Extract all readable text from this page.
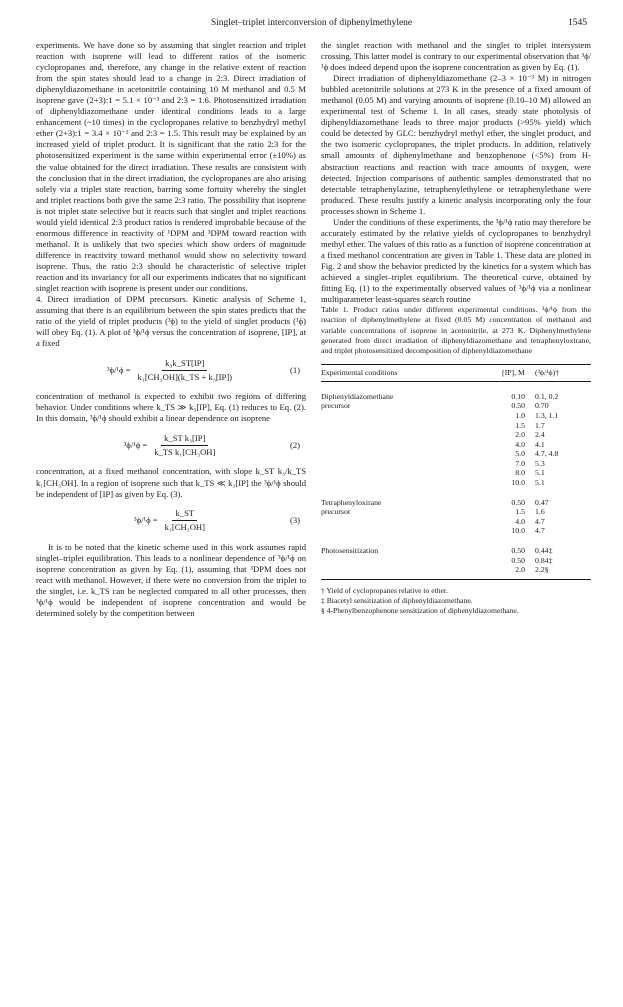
Singlet–triplet interconversion of diphenylmethylene	1545

experiments. We have done so by assuming that singlet reaction and triplet reaction with isoprene will lead to different ratios of the isomeric cyclopropanes and, therefore, any change in the relative extent of reaction from the spin states should lead to a change in 2:3. Direct irradiation of diphenyldiazomethane in acetonitrile containing 10 M methanol and 0.5 M isoprene gave (2+3):1 = 5.1 × 10⁻³ and 2:3 = 1.6. Photosensitized irradiation of diphenyldiazomethane under identical conditions leads to a large enhancement (~10 times) in the cyclopropanes relative to benzhydryl methyl ether (2+3):1 = 3.4 × 10⁻² and 2:3 = 1.5. This result may be explained by an increased yield of triplet product. It is significant that the ratio 2:3 for the photosensitized experiment is the same within experimental error (±10%) as the value obtained for the direct irradiation. These results are consistent with the conclusion that in the direct irradiation, the cyclopropanes are also arising solely via a triplet state reaction, barring some fortuity whereby the singlet and triplet reactions both give the same 2:3 ratio. The possibility that isoprene is not triplet state selective but it reacts such that singlet and triplet reactions would yield identical 2:3 product ratios is rendered improbable because of the enormous difference in reactivity of ¹DPM and ³DPM toward reaction with methanol. It is unlikely that two species which show orders of magnitude difference in reactivity toward methanol would show no selectivity toward isoprene. Thus, the ratio 2:3 should be characteristic of selective triplet reaction and its invariancy for all our experiments indicates that no significant singlet reaction with isoprene is present under our conditions.

4. Direct irradiation of DPM precursors. Kinetic analysis of Scheme 1, assuming that there is an equilibrium between the spin states predicts that the ratio of the yield of triplet products (³ϕ) to the yield of singlet products (¹ϕ) will obey Eq. (1). A plot of ³ϕ/¹ϕ versus the concentration of isoprene, [IP], at a fixed

$^3\phi/^1\phi = \frac{\text{k₃k\_ST[IP]}}{\text{k₁[CH₃OH](k\_TS + k₃[IP])}}$	(1)

concentration of methanol is expected to exhibit two regions of differing behavior. Under conditions where k_TS ≫ k₃[IP], Eq. (1) reduces to Eq. (2). In this domain, ³ϕ/¹ϕ should exhibit a linear dependence on isoprene

$^3\phi/^1\phi = \frac{\text{k\_ST k₃[IP]}}{\text{k\_TS k₁[CH₃OH]}}$	(2)

concentration, at a fixed methanol concentration, with slope k_ST k₃/k_TS k₁[CH₃OH]. In a region of isoprene such that k_TS ≪ k₃[IP] the ³ϕ/¹ϕ should be independent of [IP] as given by Eq. (3).

$^3\phi/^1\phi = \frac{k\_ST}{\text{k₁[CH₃OH]}}$	(3)

It is to be noted that the kinetic scheme used in this work assumes rapid singlet–triplet equilibration. This leads to a nonlinear dependence of ³ϕ/¹ϕ on isoprene concentration as given by Eq. (1), assuming that ³DPM does not react with methanol. However, if there were no conversion from the triplet to the singlet, i.e. k_TS can be neglected compared to all other processes, then ³ϕ/¹ϕ would be independent of isoprene concentration and would be determined solely by the competition between

the singlet reaction with methanol and the singlet to triplet intersystem crossing. This latter model is contrary to our experimental observation that ³ϕ/¹ϕ does indeed depend upon the isoprene concentration as given by Eq. (1).

Direct irradiation of diphenyldiazomethane (2–3 × 10⁻³ M) in nitrogen bubbled acetonitrile solutions at 273 K in the presence of a fixed amount of methanol (0.05 M) and varying amounts of isoprene (0.10–10 M) allowed an experimental test of Scheme 1. In all cases, steady state photolysis of diphenyldiazomethane leads to three major products (>95% yield) which could be detected by GLC: benzhydryl methyl ether, the singlet product, and the two isomeric cyclopropanes, the triplet products. In addition, relatively small amounts of diphenylmethane and benzophenone (<5%) from H-abstraction reactions and reaction with trace amounts of oxygen, were detected. Injection comparisons of authentic samples demonstrated that no detectable tetraphenylazine, tetraphenylethylene or tetraphenylethane were produced. These results justify a kinetic analysis incorporating only the four processes shown in Scheme 1.

Under the conditions of these experiments, the ³ϕ/¹ϕ ratio may therefore be accurately estimated by the relative yields of cyclopropanes to benzhydryl methyl ether. The values of this ratio as a function of isoprene concentration at a fixed methanol concentration are given in Table 1. These data are plotted in Fig. 2 and show the behavior predicted by the kinetics for a system which has achieved a singlet–triplet equilibrium. The theoretical curve, obtained by fitting Eq. (1) to the experimentally observed values of ³ϕ/¹ϕ via a nonlinear multiparameter least-squares search routine

Table 1. Product ratios under different experimental conditions. ³ϕ/¹ϕ from the reaction of diphenylmethylene at fixed (0.05 M) concentration of methanol and variable concentrations of isoprene in acetonitrile, at 273 K. Diphenylmethylene generated from direct irradiation of diphenyldiazomethane and tetraphenyloxirane, and triplet photosensitized decomposition of diphenyldiazomethane

Experimental conditions	[IP], M	(³ϕ/¹ϕ)†
Diphenyldiazomethane	0.10	0.1, 0.2
precursor	0.50	0.70
	1.0	1.3, 1.1
	1.5	1.7
	2.0	2.4
	4.0	4.1
	5.0	4.7, 4.8
	7.0	5.3
	8.0	5.1
	10.0	5.1
Tetraphenyloxirane	0.50	0.47
precursor	1.5	1.6
	4.0	4.7
	10.0	4.7
Photosensitization	0.50	0.44‡
	0.50	0.84‡
	2.0	2.2§

† Yield of cyclopropanes relative to ether.

‡ Biacetyl sensitization of diphenyldiazomethane.

§ 4-Phenylbenzophenone sensitization of diphenyldiazomethane.
